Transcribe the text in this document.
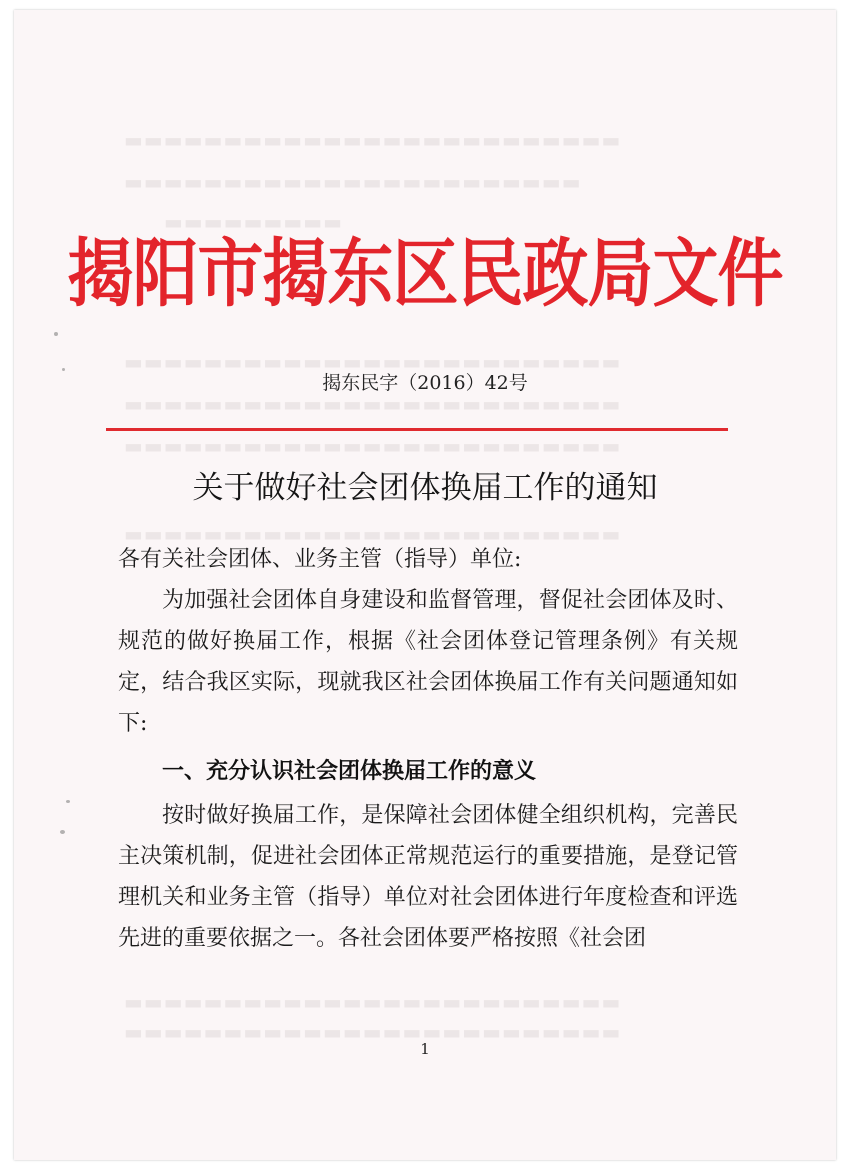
▬▬▬▬▬▬▬▬▬▬▬▬▬▬▬▬▬▬▬▬▬▬▬▬▬
▬▬▬▬▬▬▬▬▬▬▬▬▬▬▬▬▬▬▬▬▬▬▬
▬▬▬▬▬▬▬▬▬
▬▬▬▬▬▬▬▬▬▬▬▬▬▬▬▬▬▬▬▬▬▬▬▬▬
▬▬▬▬▬▬▬▬▬▬▬▬▬▬▬▬▬▬▬▬▬▬▬▬▬
▬▬▬▬▬▬▬▬▬▬▬▬▬▬▬▬▬▬▬▬▬▬▬▬▬
▬▬▬▬▬▬▬▬▬▬▬▬▬▬▬▬▬▬▬▬▬▬▬▬▬
▬▬▬▬▬▬▬▬▬▬▬▬▬▬▬▬▬▬▬▬▬▬▬▬▬
▬▬▬▬▬▬▬▬▬▬▬▬▬▬▬▬▬▬▬▬▬▬▬▬▬
揭阳市揭东区民政局文件
揭东民字（2016）42号
关于做好社会团体换届工作的通知
各有关社会团体、业务主管（指导）单位:
为加强社会团体自身建设和监督管理，督促社会团体及时、规范的做好换届工作，根据《社会团体登记管理条例》有关规定，结合我区实际，现就我区社会团体换届工作有关问题通知如下:
一、充分认识社会团体换届工作的意义
按时做好换届工作，是保障社会团体健全组织机构，完善民主决策机制，促进社会团体正常规范运行的重要措施，是登记管理机关和业务主管（指导）单位对社会团体进行年度检查和评选先进的重要依据之一。各社会团体要严格按照《社会团
1
